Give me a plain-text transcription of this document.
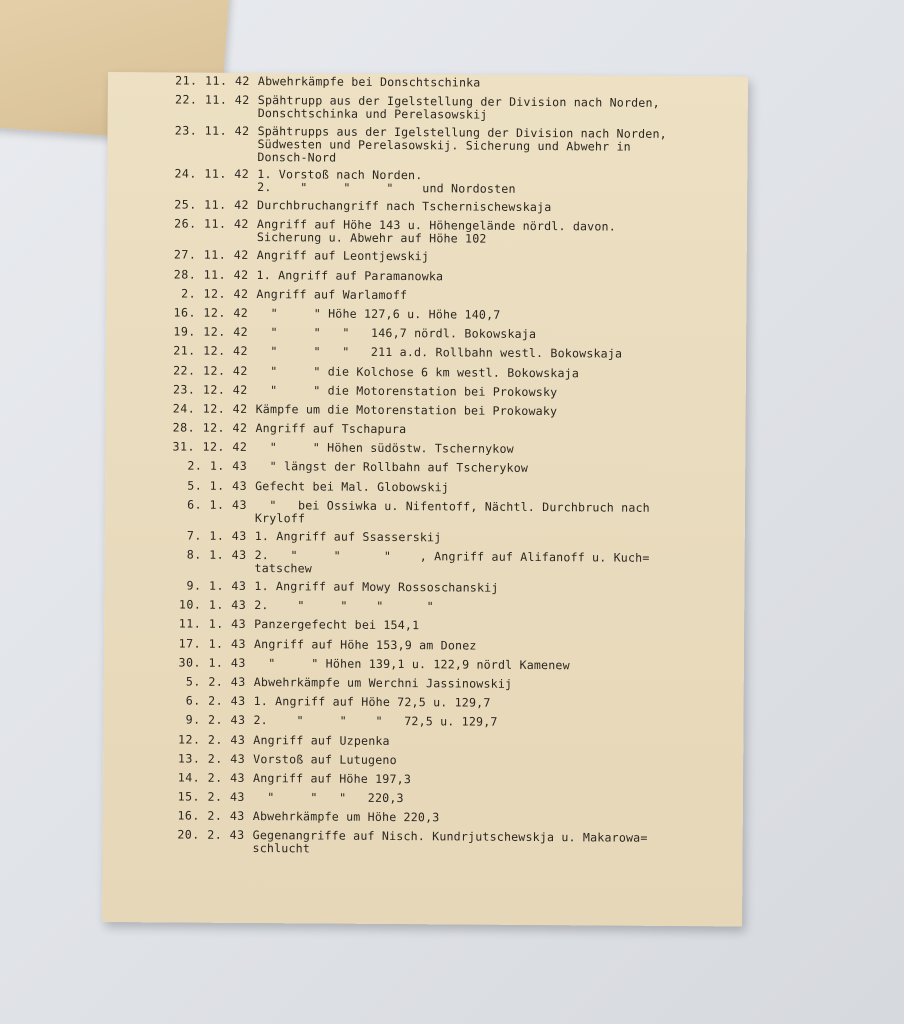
21. 11. 42 Abwehrkämpfe bei Donschtschinka
22. 11. 42 Spähtrupp aus der Igelstellung der Division nach Norden,
Donschtschinka und Perelasowskij
23. 11. 42 Spähtrupps aus der Igelstellung der Division nach Norden,
Südwesten und Perelasowskij. Sicherung und Abwehr in
Donsch-Nord
24. 11. 42 1. Vorstoß nach Norden.
2.    "     "     "    und Nordosten
25. 11. 42 Durchbruchangriff nach Tschernischewskaja
26. 11. 42 Angriff auf Höhe 143 u. Höhengelände nördl. davon.
Sicherung u. Abwehr auf Höhe 102
27. 11. 42 Angriff auf Leontjewskij
28. 11. 42 1. Angriff auf Paramanowka
2. 12. 42 Angriff auf Warlamoff
16. 12. 42 "     " Höhe 127,6 u. Höhe 140,7
19. 12. 42 "     "   "   146,7 nördl. Bokowskaja
21. 12. 42 "     "   "   211 a.d. Rollbahn westl. Bokowskaja
22. 12. 42 "     " die Kolchose 6 km westl. Bokowskaja
23. 12. 42 "     " die Motorenstation bei Prokowsky
24. 12. 42 Kämpfe um die Motorenstation bei Prokowaky
28. 12. 42 Angriff auf Tschapura
31. 12. 42 "     " Höhen südöstw. Tschernykow
2. 1. 43 " längst der Rollbahn auf Tscherykow
5. 1. 43 Gefecht bei Mal. Globowskij
6. 1. 43 "   bei Ossiwka u. Nifentoff, Nächtl. Durchbruch nach
Kryloff
7. 1. 43 1. Angriff auf Ssasserskij
8. 1. 43 2.   "     "      "    , Angriff auf Alifanoff u. Kuch=
tatschew
9. 1. 43 1. Angriff auf Mowy Rossoschanskij
10. 1. 43 2.    "     "    "      "
11. 1. 43 Panzergefecht bei 154,1
17. 1. 43 Angriff auf Höhe 153,9 am Donez
30. 1. 43 "     " Höhen 139,1 u. 122,9 nördl Kamenew
5. 2. 43 Abwehrkämpfe um Werchni Jassinowskij
6. 2. 43 1. Angriff auf Höhe 72,5 u. 129,7
9. 2. 43 2.    "     "    "   72,5 u. 129,7
12. 2. 43 Angriff auf Uzpenka
13. 2. 43 Vorstoß auf Lutugeno
14. 2. 43 Angriff auf Höhe 197,3
15. 2. 43 "     "   "   220,3
16. 2. 43 Abwehrkämpfe um Höhe 220,3
20. 2. 43 Gegenangriffe auf Nisch. Kundrjutschewskja u. Makarowa=
schlucht
